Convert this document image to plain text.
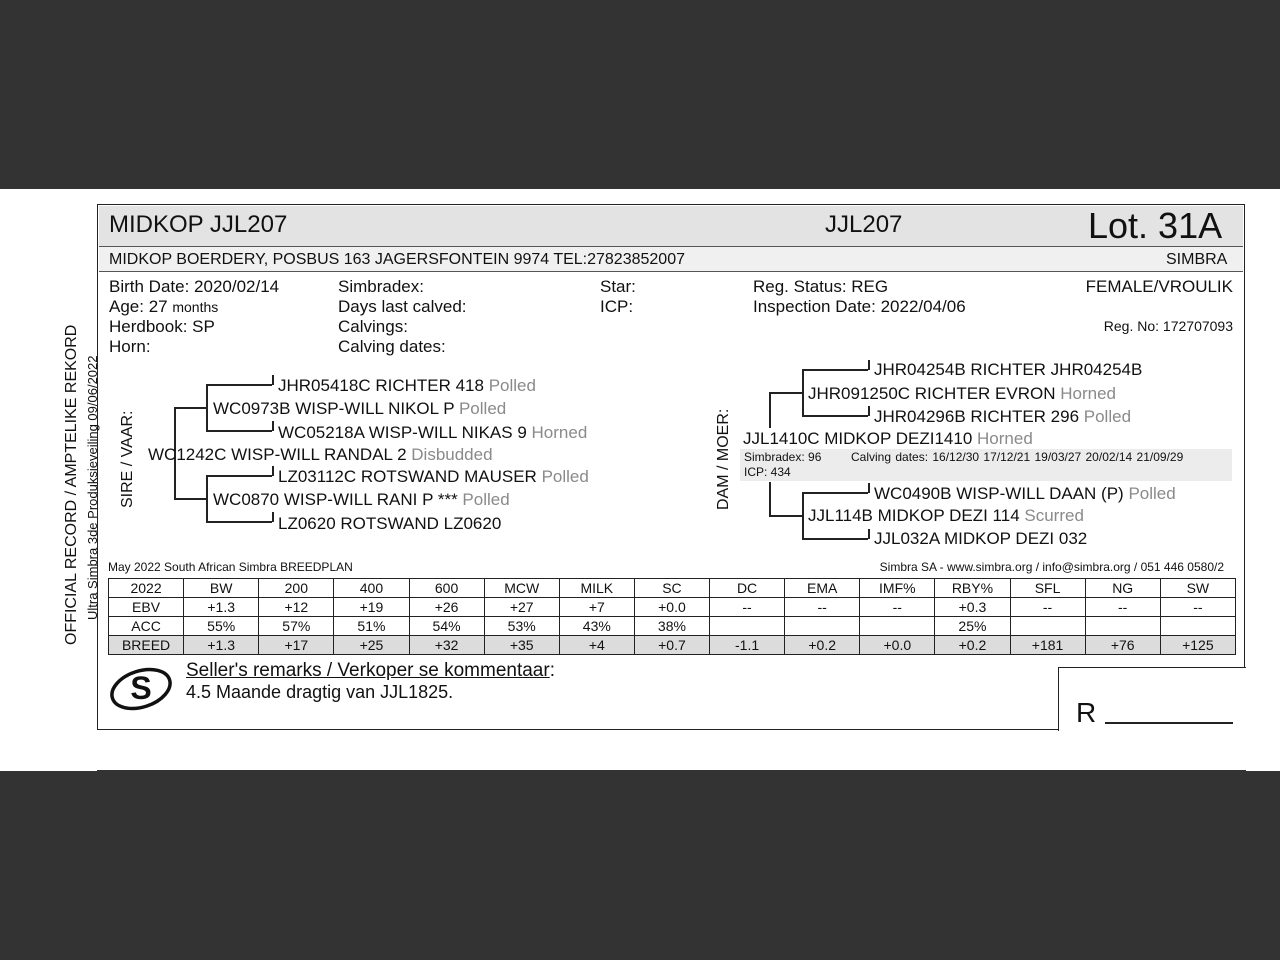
MIDKOP JJL207	JJL207	Lot. 31A
MIDKOP BOERDERY, POSBUS 163 JAGERSFONTEIN 9974 TEL:27823852007	SIMBRA
Birth Date: 2020/02/14
Age: 27 months
Herdbook: SP
Horn:
Simbradex:
Days last calved:
Calvings:
Calving dates:
Star:
ICP:
Reg. Status: REG
Inspection Date: 2022/04/06
FEMALE/VROULIK
Reg. No: 172707093
OFFICIAL RECORD / AMPTELIKE REKORD Ultra Simbra 3de Produksieveiling 09/06/2022 SIRE / VAAR:
JHR05418C RICHTER 418 Polled
WC0973B WISP-WILL NIKOL P Polled
WC05218A WISP-WILL NIKAS 9 Horned
WC1242C WISP-WILL RANDAL 2 Disbudded
LZ03112C ROTSWAND MAUSER Polled
WC0870 WISP-WILL RANI P *** Polled
LZ0620 ROTSWAND LZ0620
DAM / MOER:
JHR04254B RICHTER JHR04254B
JHR091250C RICHTER EVRON Horned
JHR04296B RICHTER 296 Polled
JJL1410C MIDKOP DEZI1410 Horned
Simbradex: 96 Calving dates: 16/12/30 17/12/21 19/03/27 20/02/14 21/09/29
ICP: 434
WC0490B WISP-WILL DAAN (P) Polled
JJL114B MIDKOP DEZI 114 Scurred
JJL032A MIDKOP DEZI 032
May 2022 South African Simbra BREEDPLAN	Simbra SA - www.simbra.org / info@simbra.org / 051 446 0580/2
2022	BW	200	400	600	MCW	MILK	SC	DC	EMA	IMF%	RBY%	SFL	NG	SW
EBV	+1.3	+12	+19	+26	+27	+7	+0.0	--	--	--	+0.3	--	--	--
ACC	55%	57%	51%	54%	53%	43%	38%				25%			
BREED	+1.3	+17	+25	+32	+35	+4	+0.7	-1.1	+0.2	+0.0	+0.2	+181	+76	+125
S Seller's remarks / Verkoper se kommentaar:
4.5 Maande dragtig van JJL1825.
R
